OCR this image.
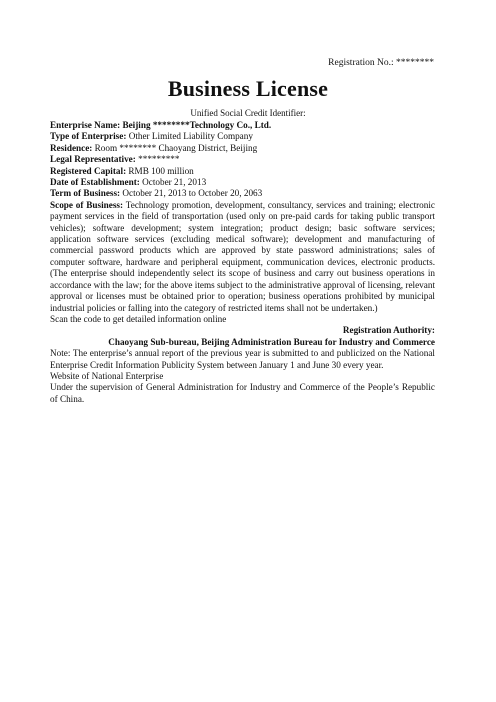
Registration No.: ********
Business License
Unified Social Credit Identifier:

Enterprise Name: Beijing ********Technology Co., Ltd.

Type of Enterprise: Other Limited Liability Company

Residence: Room ******** Chaoyang District, Beijing

Legal Representative: *********

Registered Capital: RMB 100 million

Date of Establishment: October 21, 2013

Term of Business: October 21, 2013 to October 20, 2063

Scope of Business: Technology promotion, development, consultancy, services and training; electronic payment services in the field of transportation (used only on pre-paid cards for taking public transport vehicles); software development; system integration; product design; basic software services; application software services (excluding medical software); development and manufacturing of commercial password products which are approved by state password administrations; sales of computer software, hardware and peripheral equipment, communication devices, electronic products. (The enterprise should independently select its scope of business and carry out business operations in accordance with the law; for the above items subject to the administrative approval of licensing, relevant approval or licenses must be obtained prior to operation; business operations prohibited by municipal industrial policies or falling into the category of restricted items shall not be undertaken.)

Scan the code to get detailed information online

Registration Authority:

Chaoyang Sub-bureau, Beijing Administration Bureau for Industry and Commerce

Note: The enterprise’s annual report of the previous year is submitted to and publicized on the National Enterprise Credit Information Publicity System between January 1 and June 30 every year.

Website of National Enterprise

Under the supervision of General Administration for Industry and Commerce of the People’s Republic of China.
